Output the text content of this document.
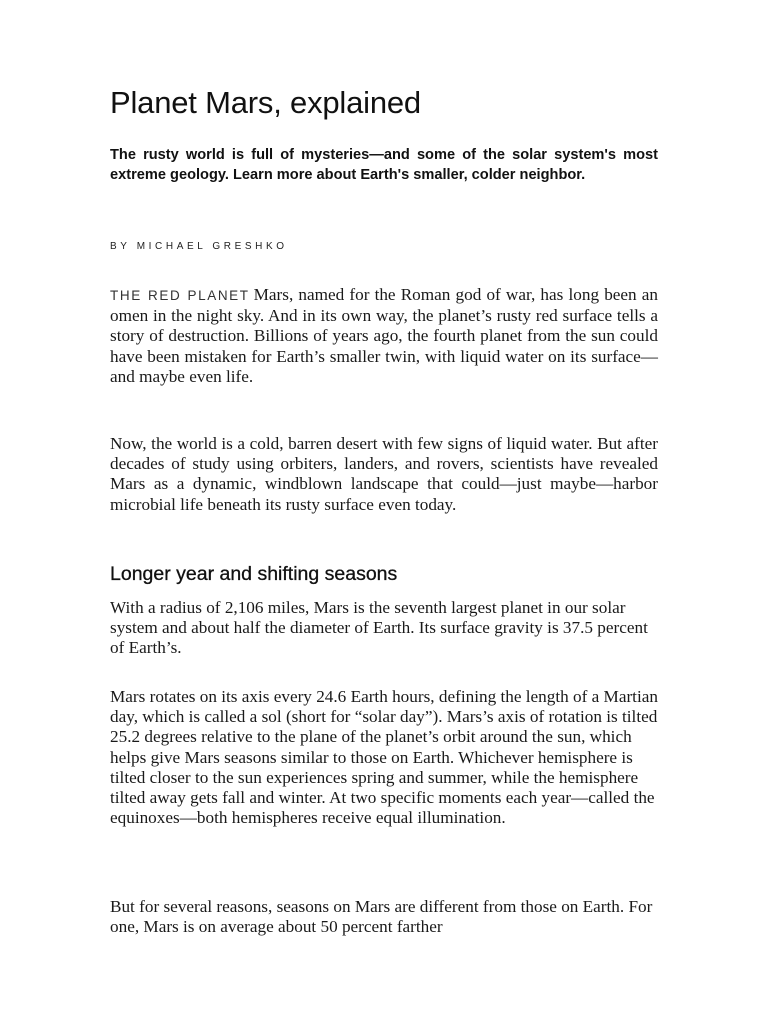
Planet Mars, explained

The rusty world is full of mysteries—and some of the solar system's most extreme geology. Learn more about Earth's smaller, colder neighbor.

BY MICHAEL GRESHKO

THE RED PLANET Mars, named for the Roman god of war, has long been an omen in the night sky. And in its own way, the planet’s rusty red surface tells a story of destruction. Billions of years ago, the fourth planet from the sun could have been mistaken for Earth’s smaller twin, with liquid water on its surface—and maybe even life.

Now, the world is a cold, barren desert with few signs of liquid water. But after decades of study using orbiters, landers, and rovers, scientists have revealed Mars as a dynamic, windblown landscape that could—just maybe—harbor microbial life beneath its rusty surface even today.

Longer year and shifting seasons

With a radius of 2,106 miles, Mars is the seventh largest planet in our solar system and about half the diameter of Earth. Its surface gravity is 37.5 percent of Earth’s.

Mars rotates on its axis every 24.6 Earth hours, defining the length of a Martian day, which is called a sol (short for “solar day”). Mars’s axis of rotation is tilted 25.2 degrees relative to the plane of the planet’s orbit around the sun, which helps give Mars seasons similar to those on Earth. Whichever hemisphere is tilted closer to the sun experiences spring and summer, while the hemisphere tilted away gets fall and winter. At two specific moments each year—called the equinoxes—both hemispheres receive equal illumination.

But for several reasons, seasons on Mars are different from those on Earth. For one, Mars is on average about 50 percent farther
